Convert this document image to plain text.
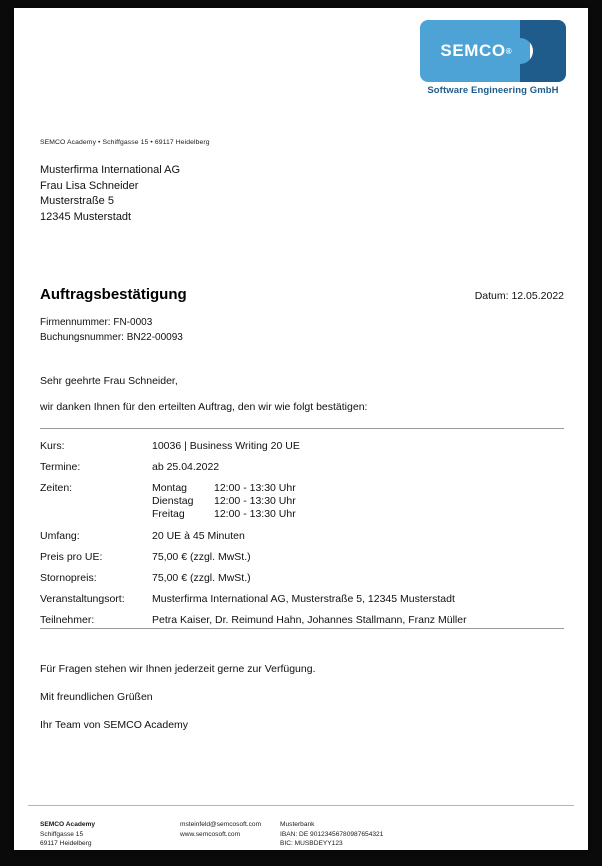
SEMCO ®
Software Engineering GmbH
SEMCO Academy • Schiffgasse 15 • 69117 Heidelberg
Musterfirma International AG
Frau Lisa Schneider
Musterstraße 5
12345 Musterstadt
Auftragsbestätigung	Datum: 12.05.2022
Firmennummer: FN-0003
Buchungsnummer: BN22-00093
Sehr geehrte Frau Schneider,
wir danken Ihnen für den erteilten Auftrag, den wir wie folgt bestätigen:
Kurs:	10036 | Business Writing 20 UE
Termine:	ab 25.04.2022
Zeiten:		Montag	12:00 - 13:30 Uhr
Dienstag	12:00 - 13:30 Uhr
Freitag	12:00 - 13:30 Uhr

Umfang:	20 UE à 45 Minuten
Preis pro UE:	75,00 € (zzgl. MwSt.)
Stornopreis:	75,00 € (zzgl. MwSt.)
Veranstaltungsort:	Musterfirma International AG, Musterstraße 5, 12345 Musterstadt
Teilnehmer:	Petra Kaiser, Dr. Reimund Hahn, Johannes Stallmann, Franz Müller
Für Fragen stehen wir Ihnen jederzeit gerne zur Verfügung.
Mit freundlichen Grüßen
Ihr Team von SEMCO Academy
SEMCO Academy
Schiffgasse 15
69117 Heidelberg
msteinfeld@semcosoft.com
www.semcosoft.com
Musterbank
IBAN: DE 90123456780987654321
BIC: MUSBDEYY123
